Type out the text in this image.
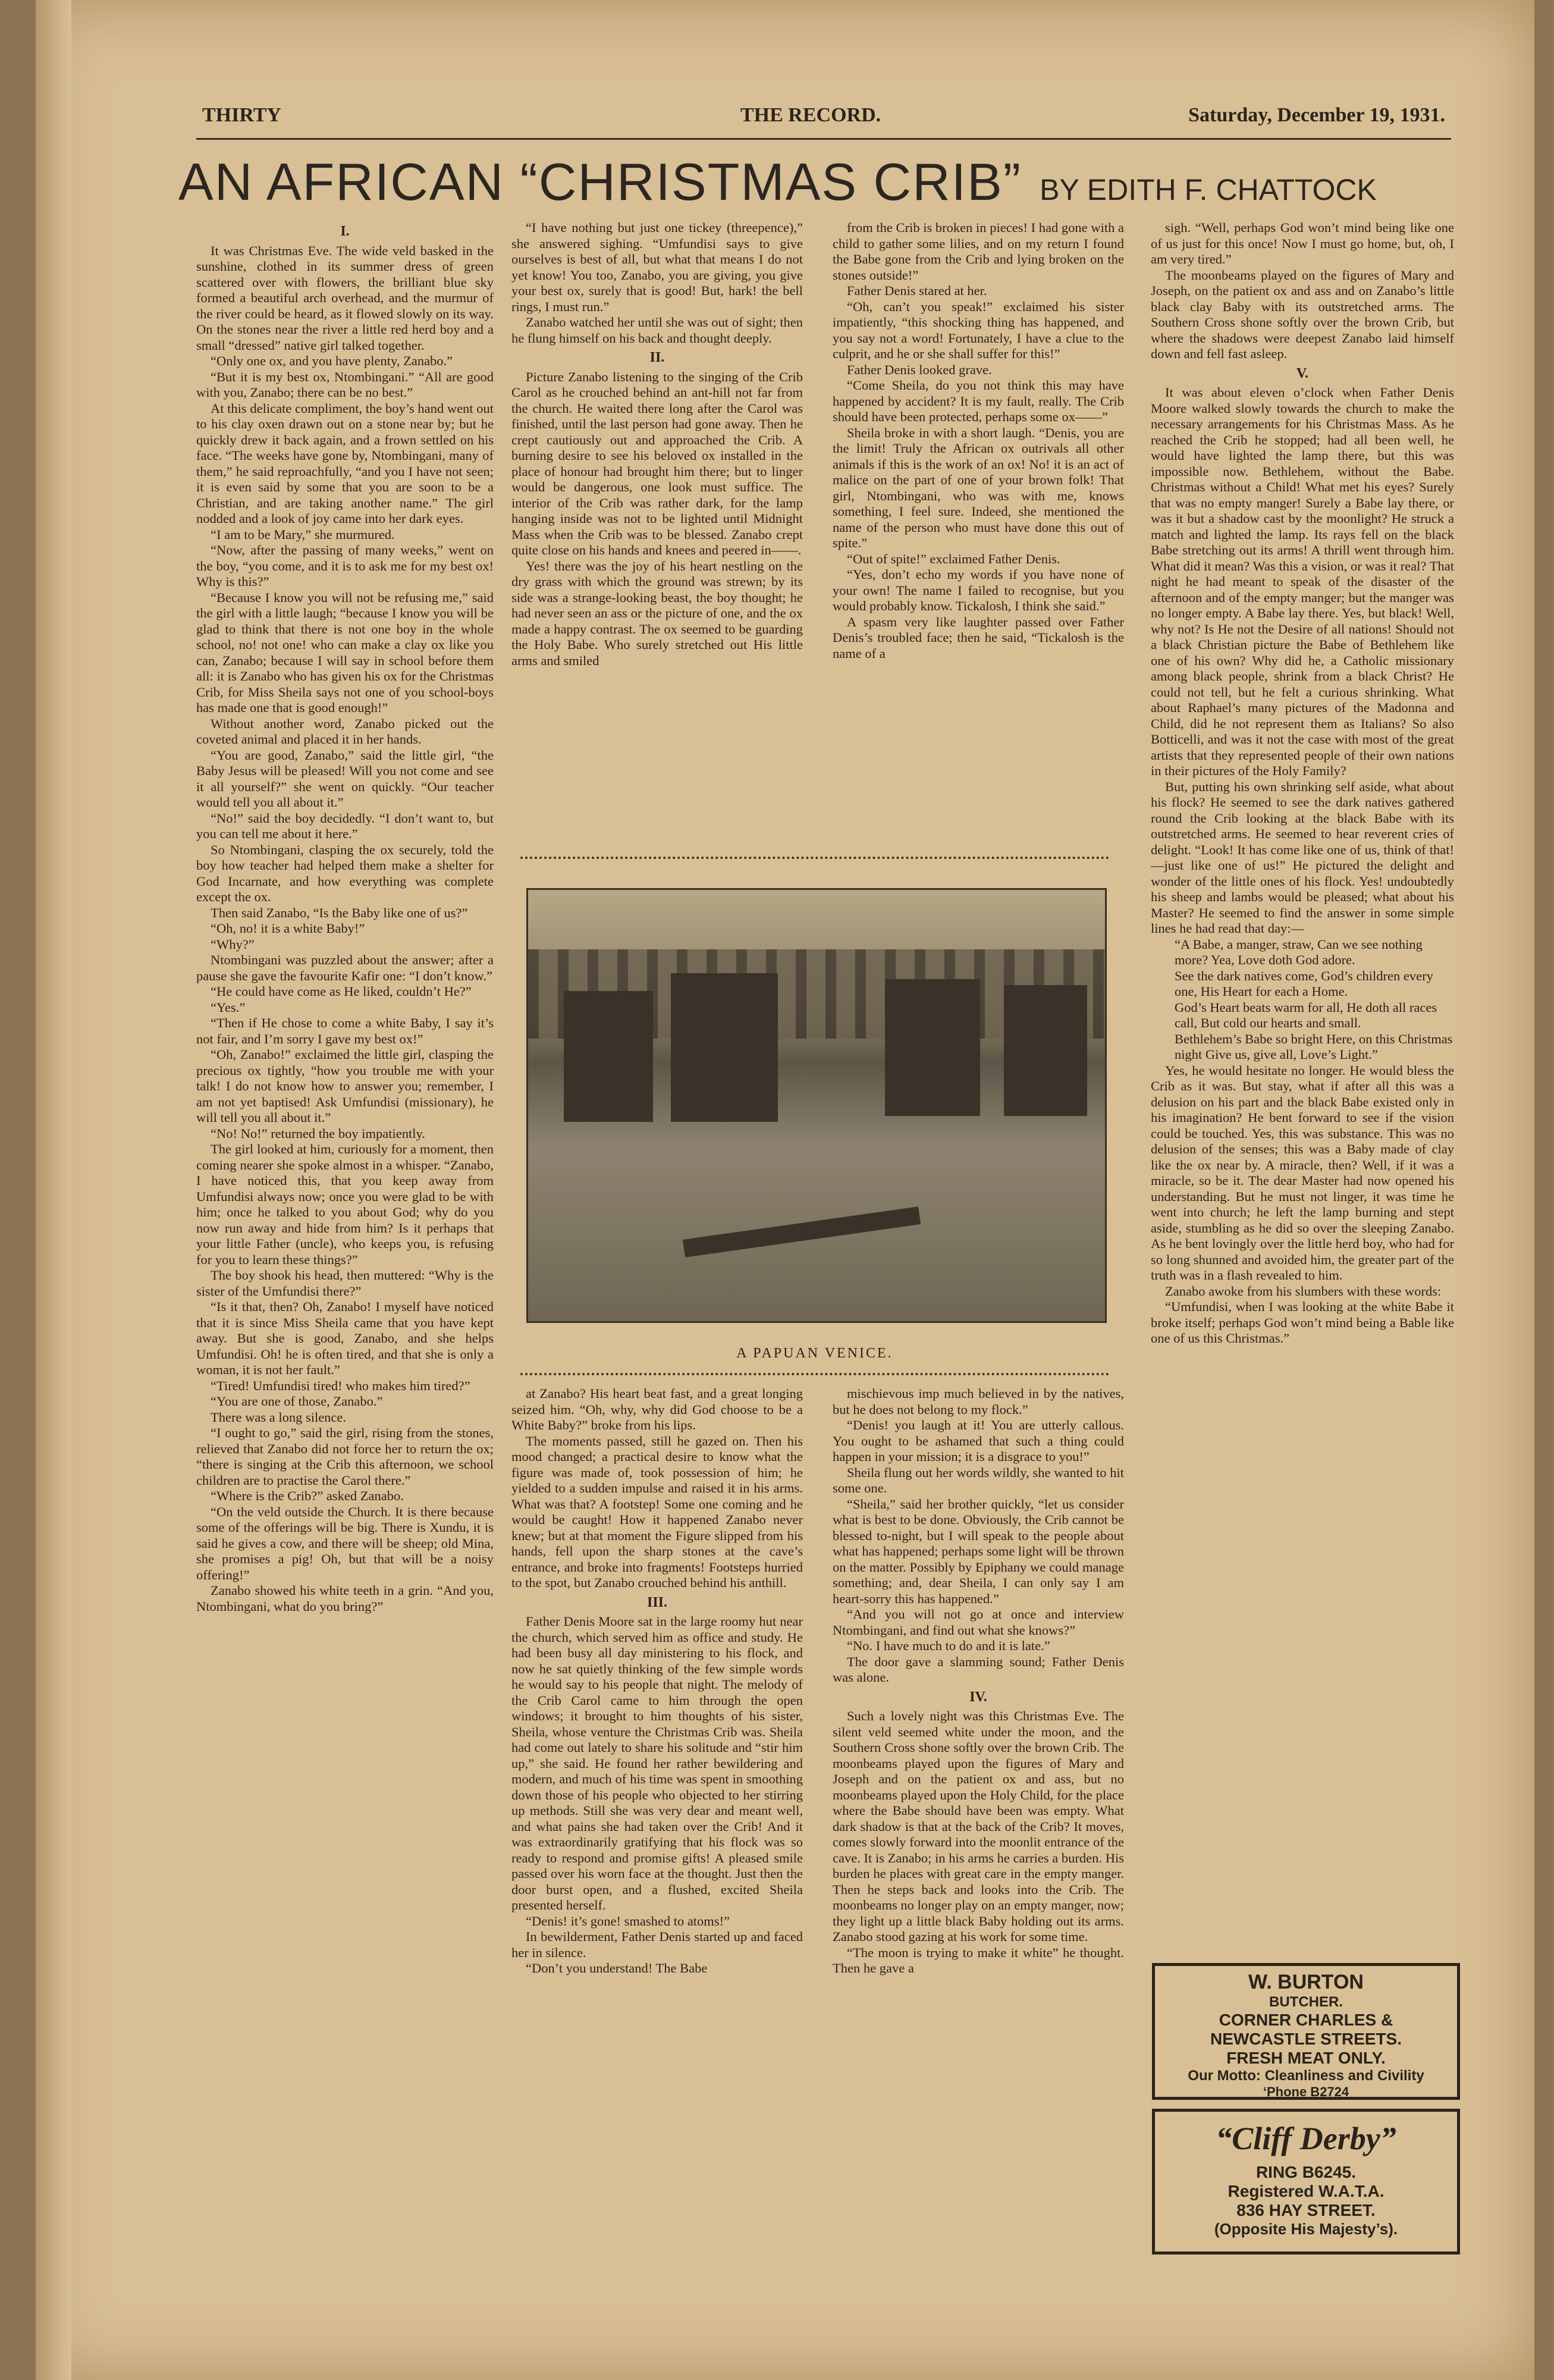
THIRTY	THE RECORD.	Saturday, December 19, 1931.
AN AFRICAN “CHRISTMAS CRIB” BY EDITH F. CHATTOCK

I.

It was Christmas Eve. The wide veld basked in the sunshine, clothed in its summer dress of green scattered over with flowers, the brilliant blue sky formed a beautiful arch overhead, and the murmur of the river could be heard, as it flowed slowly on its way. On the stones near the river a little red herd boy and a small “dressed” native girl talked together.

“Only one ox, and you have plenty, Zanabo.”

“But it is my best ox, Ntombingani.” “All are good with you, Zanabo; there can be no best.”

At this delicate compliment, the boy’s hand went out to his clay oxen drawn out on a stone near by; but he quickly drew it back again, and a frown settled on his face. “The weeks have gone by, Ntombingani, many of them,” he said reproachfully, “and you I have not seen; it is even said by some that you are soon to be a Christian, and are taking another name.” The girl nodded and a look of joy came into her dark eyes.

“I am to be Mary,” she murmured.

“Now, after the passing of many weeks,” went on the boy, “you come, and it is to ask me for my best ox! Why is this?”

“Because I know you will not be refusing me,” said the girl with a little laugh; “because I know you will be glad to think that there is not one boy in the whole school, no! not one! who can make a clay ox like you can, Zanabo; because I will say in school before them all: it is Zanabo who has given his ox for the Christmas Crib, for Miss Sheila says not one of you school-boys has made one that is good enough!”

Without another word, Zanabo picked out the coveted animal and placed it in her hands.

“You are good, Zanabo,” said the little girl, “the Baby Jesus will be pleased! Will you not come and see it all yourself?” she went on quickly. “Our teacher would tell you all about it.”

“No!” said the boy decidedly. “I don’t want to, but you can tell me about it here.”

So Ntombingani, clasping the ox securely, told the boy how teacher had helped them make a shelter for God Incarnate, and how everything was complete except the ox.

Then said Zanabo, “Is the Baby like one of us?”

“Oh, no! it is a white Baby!”

“Why?”

Ntombingani was puzzled about the answer; after a pause she gave the favourite Kafir one: “I don’t know.”

“He could have come as He liked, couldn’t He?”

“Yes.”

“Then if He chose to come a white Baby, I say it’s not fair, and I’m sorry I gave my best ox!”

“Oh, Zanabo!” exclaimed the little girl, clasping the precious ox tightly, “how you trouble me with your talk! I do not know how to answer you; remember, I am not yet baptised! Ask Umfundisi (missionary), he will tell you all about it.”

“No! No!” returned the boy impatiently.

The girl looked at him, curiously for a moment, then coming nearer she spoke almost in a whisper. “Zanabo, I have noticed this, that you keep away from Umfundisi always now; once you were glad to be with him; once he talked to you about God; why do you now run away and hide from him? Is it perhaps that your little Father (uncle), who keeps you, is refusing for you to learn these things?”

The boy shook his head, then muttered: “Why is the sister of the Umfundisi there?”

“Is it that, then? Oh, Zanabo! I myself have noticed that it is since Miss Sheila came that you have kept away. But she is good, Zanabo, and she helps Umfundisi. Oh! he is often tired, and that she is only a woman, it is not her fault.”

“Tired! Umfundisi tired! who makes him tired?”

“You are one of those, Zanabo.”

There was a long silence.

“I ought to go,” said the girl, rising from the stones, relieved that Zanabo did not force her to return the ox; “there is singing at the Crib this afternoon, we school children are to practise the Carol there.”

“Where is the Crib?” asked Zanabo.

“On the veld outside the Church. It is there because some of the offerings will be big. There is Xundu, it is said he gives a cow, and there will be sheep; old Mina, she promises a pig! Oh, but that will be a noisy offering!”

Zanabo showed his white teeth in a grin. “And you, Ntombingani, what do you bring?”

“I have nothing but just one tickey (threepence),” she answered sighing. “Umfundisi says to give ourselves is best of all, but what that means I do not yet know! You too, Zanabo, you are giving, you give your best ox, surely that is good! But, hark! the bell rings, I must run.”

Zanabo watched her until she was out of sight; then he flung himself on his back and thought deeply.

II.

Picture Zanabo listening to the singing of the Crib Carol as he crouched behind an ant-hill not far from the church. He waited there long after the Carol was finished, until the last person had gone away. Then he crept cautiously out and approached the Crib. A burning desire to see his beloved ox installed in the place of honour had brought him there; but to linger would be dangerous, one look must suffice. The interior of the Crib was rather dark, for the lamp hanging inside was not to be lighted until Midnight Mass when the Crib was to be blessed. Zanabo crept quite close on his hands and knees and peered in——.

Yes! there was the joy of his heart nestling on the dry grass with which the ground was strewn; by its side was a strange-looking beast, the boy thought; he had never seen an ass or the picture of one, and the ox made a happy contrast. The ox seemed to be guarding the Holy Babe. Who surely stretched out His little arms and smiled

from the Crib is broken in pieces! I had gone with a child to gather some lilies, and on my return I found the Babe gone from the Crib and lying broken on the stones outside!”

Father Denis stared at her.

“Oh, can’t you speak!” exclaimed his sister impatiently, “this shocking thing has happened, and you say not a word! Fortunately, I have a clue to the culprit, and he or she shall suffer for this!”

Father Denis looked grave.

“Come Sheila, do you not think this may have happened by accident? It is my fault, really. The Crib should have been protected, perhaps some ox——”

Sheila broke in with a short laugh. “Denis, you are the limit! Truly the African ox outrivals all other animals if this is the work of an ox! No! it is an act of malice on the part of one of your brown folk! That girl, Ntombingani, who was with me, knows something, I feel sure. Indeed, she mentioned the name of the person who must have done this out of spite.”

“Out of spite!” exclaimed Father Denis.

“Yes, don’t echo my words if you have none of your own! The name I failed to recognise, but you would probably know. Tickalosh, I think she said.”

A spasm very like laughter passed over Father Denis’s troubled face; then he said, “Tickalosh is the name of a

A PAPUAN VENICE.

at Zanabo? His heart beat fast, and a great longing seized him. “Oh, why, why did God choose to be a White Baby?” broke from his lips.

The moments passed, still he gazed on. Then his mood changed; a practical desire to know what the figure was made of, took possession of him; he yielded to a sudden impulse and raised it in his arms. What was that? A footstep! Some one coming and he would be caught! How it happened Zanabo never knew; but at that moment the Figure slipped from his hands, fell upon the sharp stones at the cave’s entrance, and broke into fragments! Footsteps hurried to the spot, but Zanabo crouched behind his anthill.

III.

Father Denis Moore sat in the large roomy hut near the church, which served him as office and study. He had been busy all day ministering to his flock, and now he sat quietly thinking of the few simple words he would say to his people that night. The melody of the Crib Carol came to him through the open windows; it brought to him thoughts of his sister, Sheila, whose venture the Christmas Crib was. Sheila had come out lately to share his solitude and “stir him up,” she said. He found her rather bewildering and modern, and much of his time was spent in smoothing down those of his people who objected to her stirring up methods. Still she was very dear and meant well, and what pains she had taken over the Crib! And it was extraordinarily gratifying that his flock was so ready to respond and promise gifts! A pleased smile passed over his worn face at the thought. Just then the door burst open, and a flushed, excited Sheila presented herself.

“Denis! it’s gone! smashed to atoms!”

In bewilderment, Father Denis started up and faced her in silence.

“Don’t you understand! The Babe

mischievous imp much believed in by the natives, but he does not belong to my flock.”

“Denis! you laugh at it! You are utterly callous. You ought to be ashamed that such a thing could happen in your mission; it is a disgrace to you!”

Sheila flung out her words wildly, she wanted to hit some one.

“Sheila,” said her brother quickly, “let us consider what is best to be done. Obviously, the Crib cannot be blessed to-night, but I will speak to the people about what has happened; perhaps some light will be thrown on the matter. Possibly by Epiphany we could manage something; and, dear Sheila, I can only say I am heart-sorry this has happened.”

“And you will not go at once and interview Ntombingani, and find out what she knows?”

“No. I have much to do and it is late.”

The door gave a slamming sound; Father Denis was alone.

IV.

Such a lovely night was this Christmas Eve. The silent veld seemed white under the moon, and the Southern Cross shone softly over the brown Crib. The moonbeams played upon the figures of Mary and Joseph and on the patient ox and ass, but no moonbeams played upon the Holy Child, for the place where the Babe should have been was empty. What dark shadow is that at the back of the Crib? It moves, comes slowly forward into the moonlit entrance of the cave. It is Zanabo; in his arms he carries a burden. His burden he places with great care in the empty manger. Then he steps back and looks into the Crib. The moonbeams no longer play on an empty manger, now; they light up a little black Baby holding out its arms. Zanabo stood gazing at his work for some time.

“The moon is trying to make it white” he thought. Then he gave a

sigh. “Well, perhaps God won’t mind being like one of us just for this once! Now I must go home, but, oh, I am very tired.”

The moonbeams played on the figures of Mary and Joseph, on the patient ox and ass and on Zanabo’s little black clay Baby with its outstretched arms. The Southern Cross shone softly over the brown Crib, but where the shadows were deepest Zanabo laid himself down and fell fast asleep.

V.

It was about eleven o’clock when Father Denis Moore walked slowly towards the church to make the necessary arrangements for his Christmas Mass. As he reached the Crib he stopped; had all been well, he would have lighted the lamp there, but this was impossible now. Bethlehem, without the Babe. Christmas without a Child! What met his eyes? Surely that was no empty manger! Surely a Babe lay there, or was it but a shadow cast by the moonlight? He struck a match and lighted the lamp. Its rays fell on the black Babe stretching out its arms! A thrill went through him. What did it mean? Was this a vision, or was it real? That night he had meant to speak of the disaster of the afternoon and of the empty manger; but the manger was no longer empty. A Babe lay there. Yes, but black! Well, why not? Is He not the Desire of all nations! Should not a black Christian picture the Babe of Bethlehem like one of his own? Why did he, a Catholic missionary among black people, shrink from a black Christ? He could not tell, but he felt a curious shrinking. What about Raphael’s many pictures of the Madonna and Child, did he not represent them as Italians? So also Botticelli, and was it not the case with most of the great artists that they represented people of their own nations in their pictures of the Holy Family?

But, putting his own shrinking self aside, what about his flock? He seemed to see the dark natives gathered round the Crib looking at the black Babe with its outstretched arms. He seemed to hear reverent cries of delight. “Look! It has come like one of us, think of that!—just like one of us!” He pictured the delight and wonder of the little ones of his flock. Yes! undoubtedly his sheep and lambs would be pleased; what about his Master? He seemed to find the answer in some simple lines he had read that day:—

“A Babe, a manger, straw, Can we see nothing more? Yea, Love doth God adore.

See the dark natives come, God’s children every one, His Heart for each a Home.

God’s Heart beats warm for all, He doth all races call, But cold our hearts and small.

Bethlehem’s Babe so bright Here, on this Christmas night Give us, give all, Love’s Light.”

Yes, he would hesitate no longer. He would bless the Crib as it was. But stay, what if after all this was a delusion on his part and the black Babe existed only in his imagination? He bent forward to see if the vision could be touched. Yes, this was substance. This was no delusion of the senses; this was a Baby made of clay like the ox near by. A miracle, then? Well, if it was a miracle, so be it. The dear Master had now opened his understanding. But he must not linger, it was time he went into church; he left the lamp burning and stept aside, stumbling as he did so over the sleeping Zanabo. As he bent lovingly over the little herd boy, who had for so long shunned and avoided him, the greater part of the truth was in a flash revealed to him.

Zanabo awoke from his slumbers with these words:

“Umfundisi, when I was looking at the white Babe it broke itself; perhaps God won’t mind being a Bable like one of us this Christmas.”

W. BURTON
BUTCHER.
CORNER CHARLES &
NEWCASTLE STREETS.
FRESH MEAT ONLY.
Our Motto: Cleanliness and Civility
‘Phone B2724
“Cliff Derby”
RING B6245.
Registered W.A.T.A.
836 HAY STREET.
(Opposite His Majesty’s).
